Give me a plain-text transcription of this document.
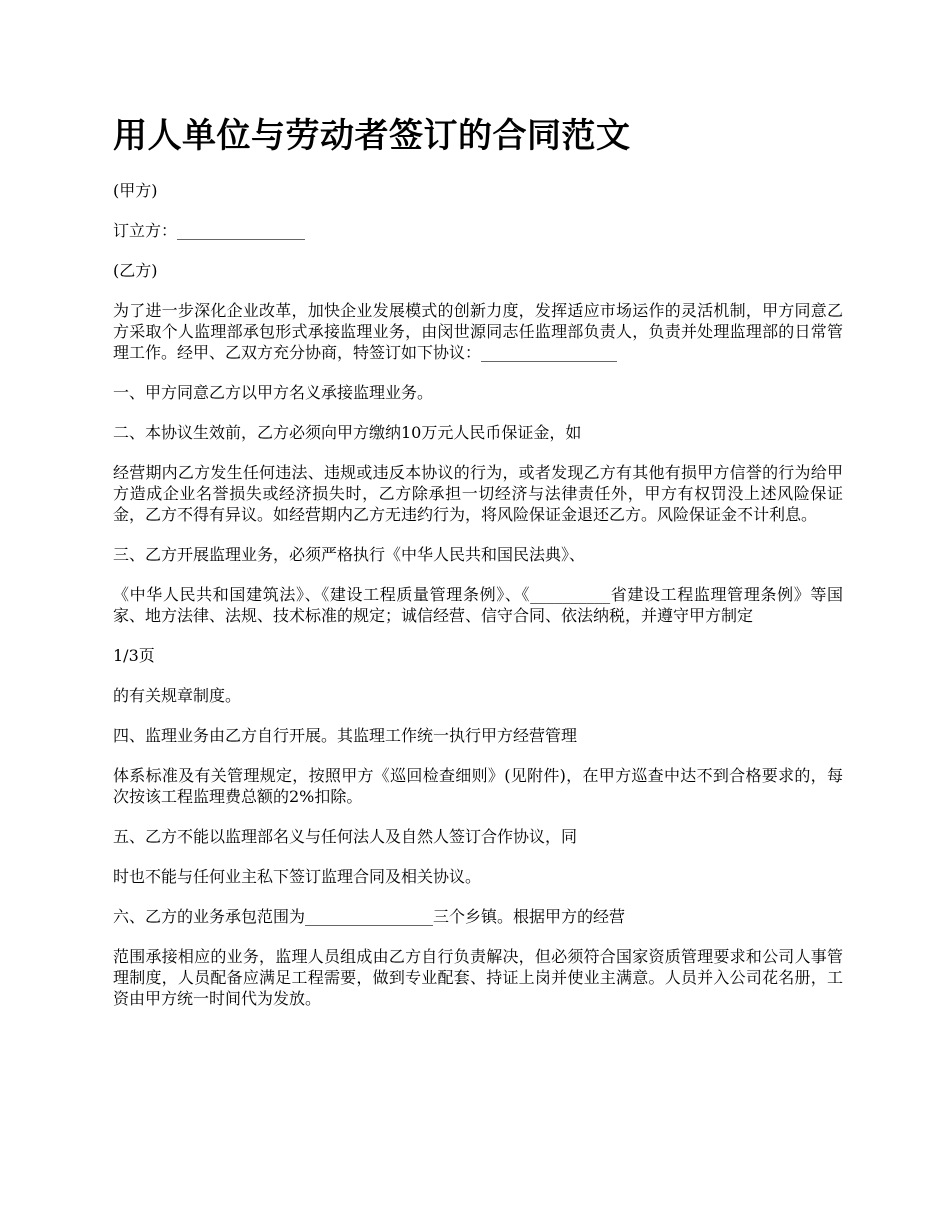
用人单位与劳动者签订的合同范文

(甲方)

订立方：________________

(乙方)

为了进一步深化企业改革，加快企业发展模式的创新力度，发挥适应市场运作的灵活机制，甲方同意乙方采取个人监理部承包形式承接监理业务，由闵世源同志任监理部负责人，负责并处理监理部的日常管理工作。经甲、乙双方充分协商，特签订如下协议：_________________

一、甲方同意乙方以甲方名义承接监理业务。

二、本协议生效前，乙方必须向甲方缴纳10万元人民币保证金，如

经营期内乙方发生任何违法、违规或违反本协议的行为，或者发现乙方有其他有损甲方信誉的行为给甲方造成企业名誉损失或经济损失时，乙方除承担一切经济与法律责任外，甲方有权罚没上述风险保证金，乙方不得有异议。如经营期内乙方无违约行为，将风险保证金退还乙方。风险保证金不计利息。

三、乙方开展监理业务，必须严格执行《中华人民共和国民法典》、

《中华人民共和国建筑法》、《建设工程质量管理条例》、《__________省建设工程监理管理条例》等国家、地方法律、法规、技术标准的规定；诚信经营、信守合同、依法纳税，并遵守甲方制定

1/3页

的有关规章制度。

四、监理业务由乙方自行开展。其监理工作统一执行甲方经营管理

体系标准及有关管理规定，按照甲方《巡回检查细则》(见附件)，在甲方巡查中达不到合格要求的，每次按该工程监理费总额的2%扣除。

五、乙方不能以监理部名义与任何法人及自然人签订合作协议，同

时也不能与任何业主私下签订监理合同及相关协议。

六、乙方的业务承包范围为________________三个乡镇。根据甲方的经营

范围承接相应的业务，监理人员组成由乙方自行负责解决，但必须符合国家资质管理要求和公司人事管理制度，人员配备应满足工程需要，做到专业配套、持证上岗并使业主满意。人员并入公司花名册，工资由甲方统一时间代为发放。
